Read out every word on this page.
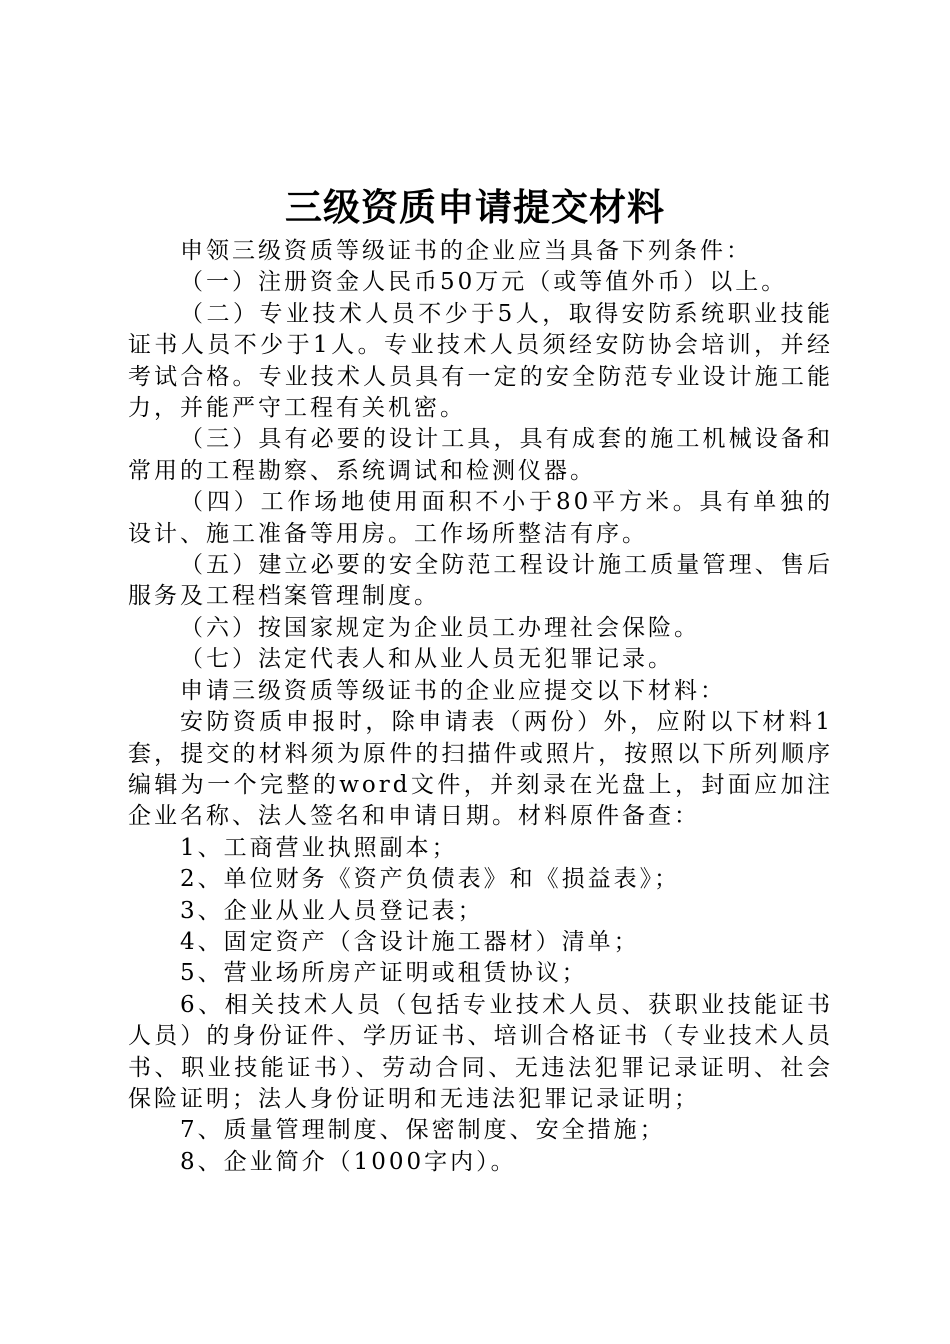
三级资质申请提交材料

申领三级资质等级证书的企业应当具备下列条件：

（一）注册资金人民币50万元（或等值外币）以上。

（二）专业技术人员不少于5人，取得安防系统职业技能证书人员不少于1人。专业技术人员须经安防协会培训，并经考试合格。专业技术人员具有一定的安全防范专业设计施工能力，并能严守工程有关机密。

（三）具有必要的设计工具，具有成套的施工机械设备和常用的工程勘察、系统调试和检测仪器。

（四）工作场地使用面积不小于80平方米。具有单独的设计、施工准备等用房。工作场所整洁有序。

（五）建立必要的安全防范工程设计施工质量管理、售后服务及工程档案管理制度。

（六）按国家规定为企业员工办理社会保险。

（七）法定代表人和从业人员无犯罪记录。

申请三级资质等级证书的企业应提交以下材料：

安防资质申报时，除申请表（两份）外，应附以下材料1套，提交的材料须为原件的扫描件或照片，按照以下所列顺序编辑为一个完整的word文件，并刻录在光盘上，封面应加注企业名称、法人签名和申请日期。材料原件备查：

1、工商营业执照副本；

2、单位财务《资产负债表》和《损益表》；

3、企业从业人员登记表；

4、固定资产（含设计施工器材）清单；

5、营业场所房产证明或租赁协议；

6、相关技术人员（包括专业技术人员、获职业技能证书人员）的身份证件、学历证书、培训合格证书（专业技术人员书、职业技能证书）、劳动合同、无违法犯罪记录证明、社会保险证明；法人身份证明和无违法犯罪记录证明；

7、质量管理制度、保密制度、安全措施；

8、企业简介（1000字内）。
